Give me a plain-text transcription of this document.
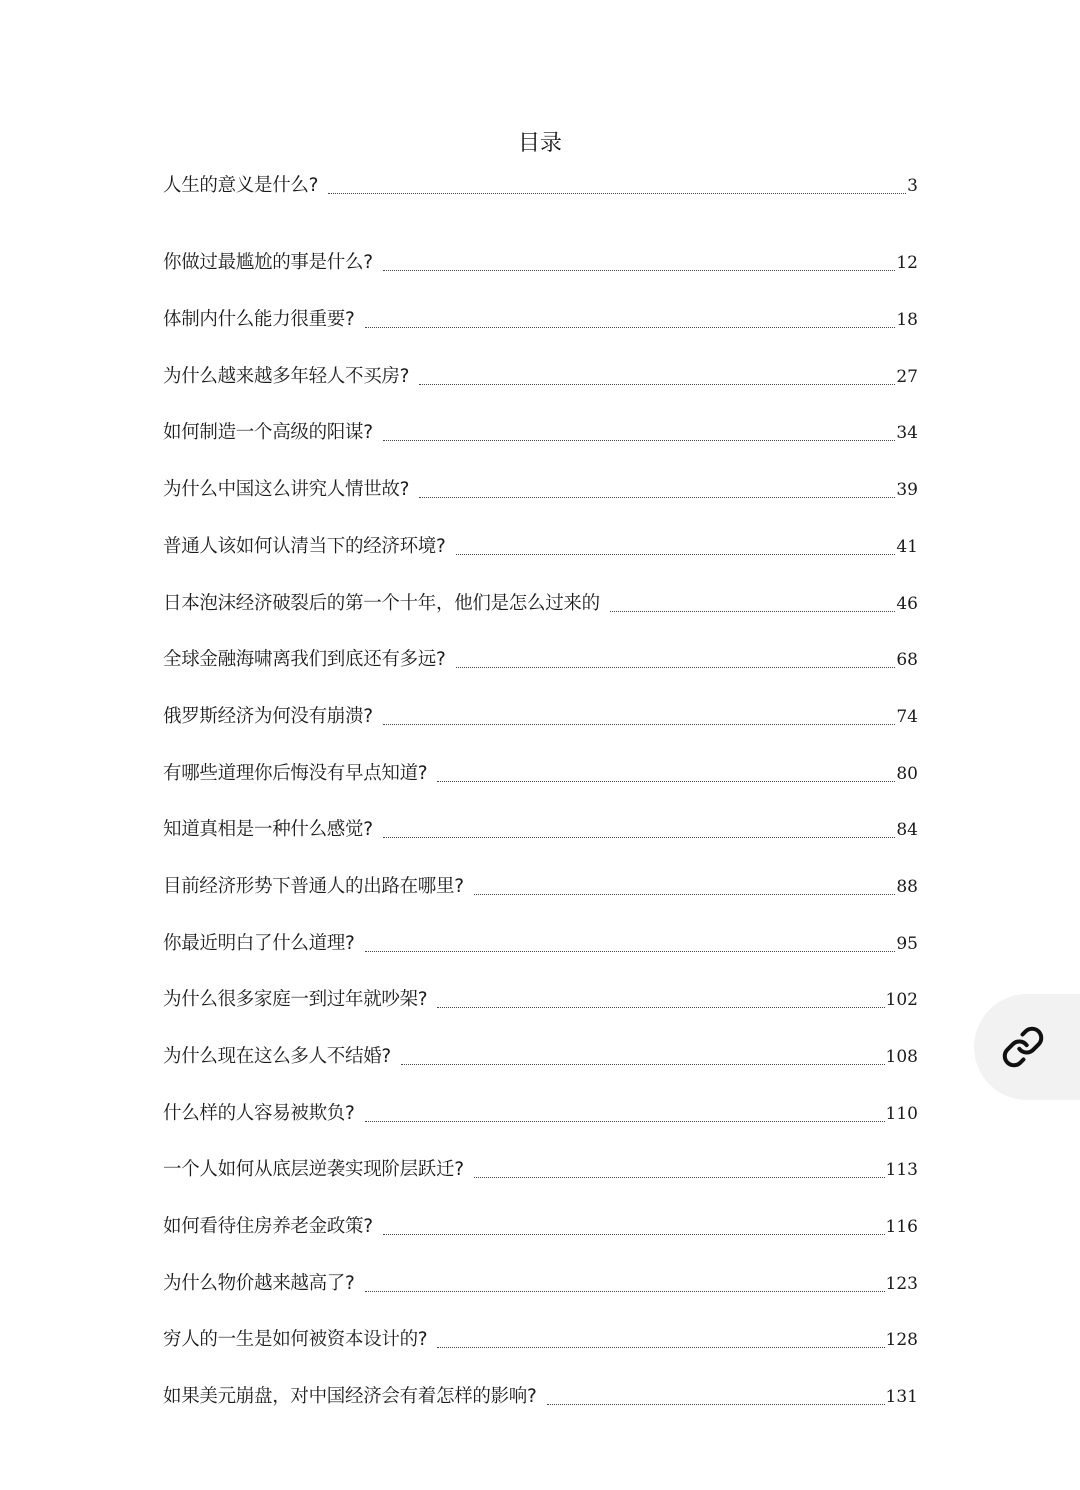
目录
人生的意义是什么?	3
你做过最尴尬的事是什么?	12
体制内什么能力很重要?	18
为什么越来越多年轻人不买房?	27
如何制造一个高级的阳谋?	34
为什么中国这么讲究人情世故?	39
普通人该如何认清当下的经济环境?	41
日本泡沫经济破裂后的第一个十年，他们是怎么过来的	46
全球金融海啸离我们到底还有多远?	68
俄罗斯经济为何没有崩溃?	74
有哪些道理你后悔没有早点知道?	80
知道真相是一种什么感觉?	84
目前经济形势下普通人的出路在哪里?	88
你最近明白了什么道理?	95
为什么很多家庭一到过年就吵架?	102
为什么现在这么多人不结婚?	108
什么样的人容易被欺负?	110
一个人如何从底层逆袭实现阶层跃迁?	113
如何看待住房养老金政策?	116
为什么物价越来越高了?	123
穷人的一生是如何被资本设计的?	128
如果美元崩盘，对中国经济会有着怎样的影响?	131
